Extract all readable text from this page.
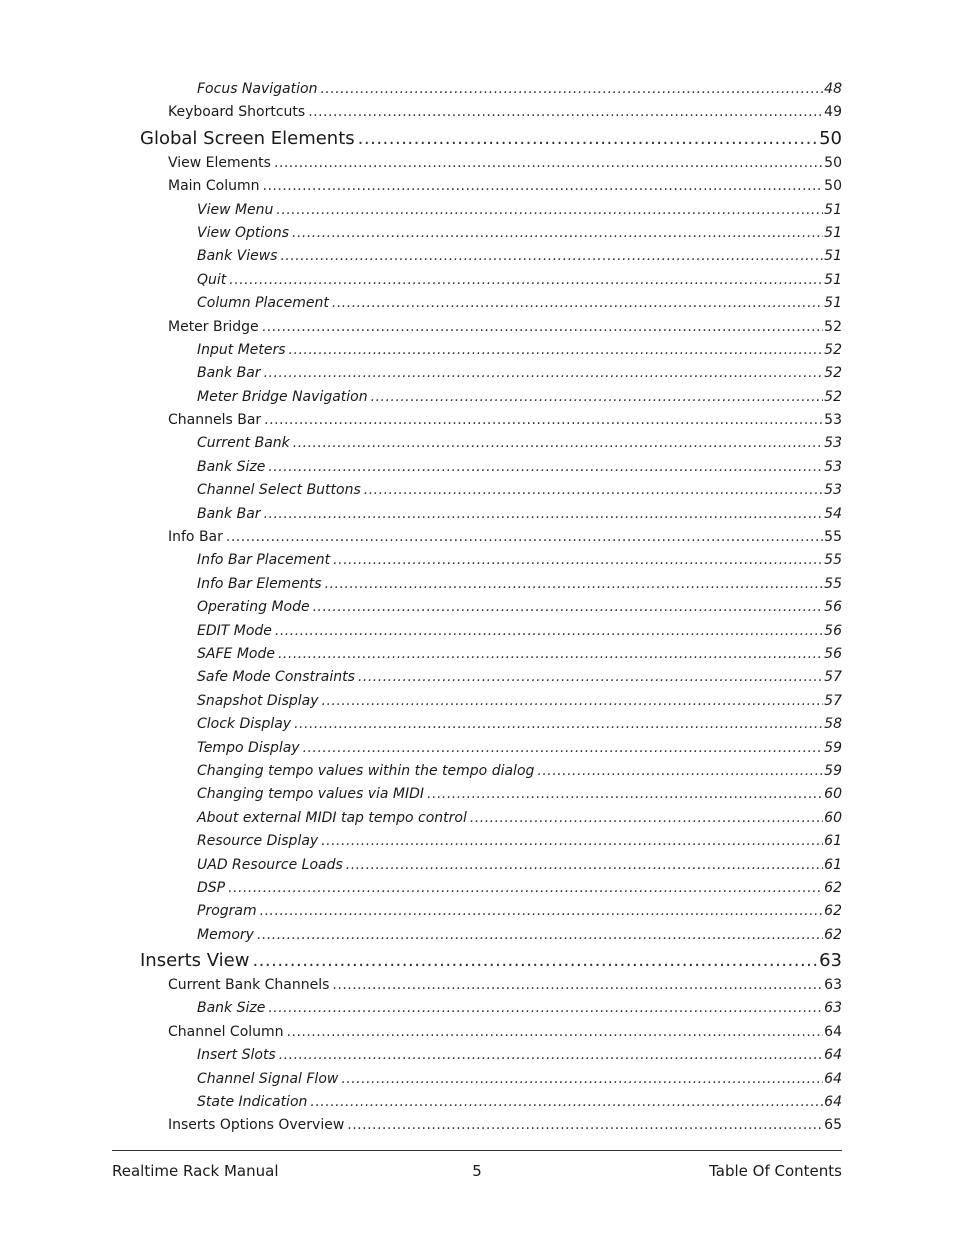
Focus Navigation .....	48
Keyboard Shortcuts .....	49
Global Screen Elements .....	50
View Elements .....	50
Main Column .....	50
View Menu .....	51
View Options .....	51
Bank Views .....	51
Quit .....	51
Column Placement .....	51
Meter Bridge .....	52
Input Meters .....	52
Bank Bar .....	52
Meter Bridge Navigation .....	52
Channels Bar .....	53
Current Bank .....	53
Bank Size .....	53
Channel Select Buttons .....	53
Bank Bar .....	54
Info Bar .....	55
Info Bar Placement .....	55
Info Bar Elements .....	55
Operating Mode .....	56
EDIT Mode .....	56
SAFE Mode .....	56
Safe Mode Constraints .....	57
Snapshot Display .....	57
Clock Display .....	58
Tempo Display .....	59
Changing tempo values within the tempo dialog .....	59
Changing tempo values via MIDI .....	60
About external MIDI tap tempo control .....	60
Resource Display .....	61
UAD Resource Loads .....	61
DSP .....	62
Program .....	62
Memory .....	62
Inserts View .....	63
Current Bank Channels .....	63
Bank Size .....	63
Channel Column .....	64
Insert Slots .....	64
Channel Signal Flow .....	64
State Indication .....	64
Inserts Options Overview .....	65
Realtime Rack Manual	5	Table Of Contents
